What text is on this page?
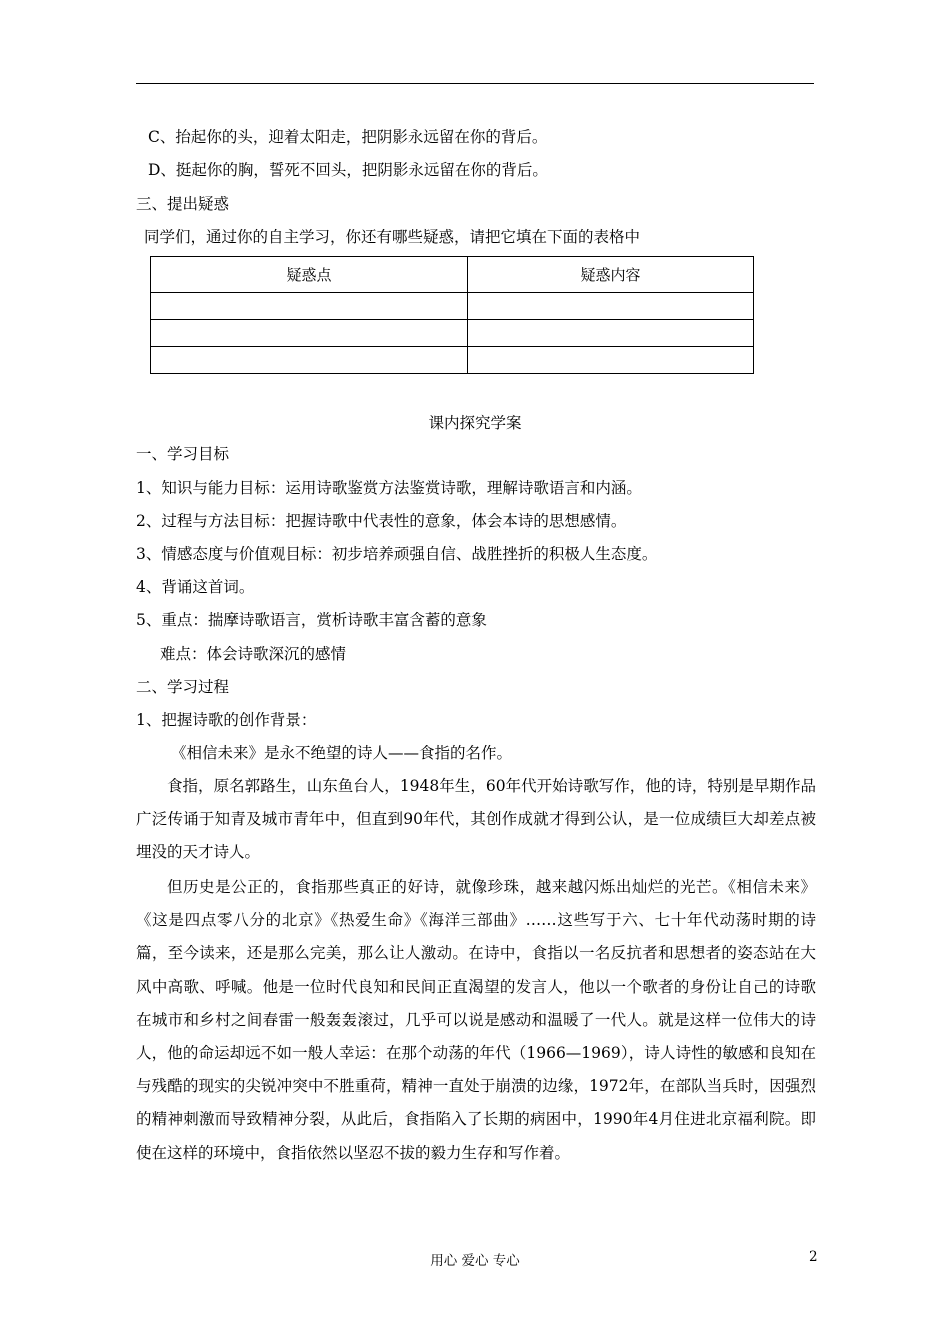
C、抬起你的头，迎着太阳走，把阴影永远留在你的背后。
D、挺起你的胸，誓死不回头，把阴影永远留在你的背后。
三、提出疑惑
同学们，通过你的自主学习，你还有哪些疑惑，请把它填在下面的表格中
疑惑点	疑惑内容

课内探究学案
一、学习目标
1、知识与能力目标：运用诗歌鉴赏方法鉴赏诗歌，理解诗歌语言和内涵。
2、过程与方法目标：把握诗歌中代表性的意象，体会本诗的思想感情。
3、情感态度与价值观目标：初步培养顽强自信、战胜挫折的积极人生态度。
4、背诵这首词。
5、重点：揣摩诗歌语言，赏析诗歌丰富含蓄的意象
难点：体会诗歌深沉的感情
二、学习过程
1、把握诗歌的创作背景：
《相信未来》是永不绝望的诗人——食指的名作。
食指，原名郭路生，山东鱼台人，1948年生，60年代开始诗歌写作，他的诗，特别是早期作品广泛传诵于知青及城市青年中，但直到90年代，其创作成就才得到公认，是一位成绩巨大却差点被埋没的天才诗人。
但历史是公正的，食指那些真正的好诗，就像珍珠，越来越闪烁出灿烂的光芒。《相信未来》《这是四点零八分的北京》《热爱生命》《海洋三部曲》……这些写于六、七十年代动荡时期的诗篇，至今读来，还是那么完美，那么让人激动。在诗中，食指以一名反抗者和思想者的姿态站在大风中高歌、呼喊。他是一位时代良知和民间正直渴望的发言人，他以一个歌者的身份让自己的诗歌在城市和乡村之间春雷一般轰轰滚过，几乎可以说是感动和温暖了一代人。就是这样一位伟大的诗人，他的命运却远不如一般人幸运：在那个动荡的年代（1966—1969），诗人诗性的敏感和良知在与残酷的现实的尖锐冲突中不胜重荷，精神一直处于崩溃的边缘，1972年，在部队当兵时，因强烈的精神刺激而导致精神分裂，从此后，食指陷入了长期的病困中，1990年4月住进北京福利院。即使在这样的环境中，食指依然以坚忍不拔的毅力生存和写作着。
用心 爱心 专心	2
